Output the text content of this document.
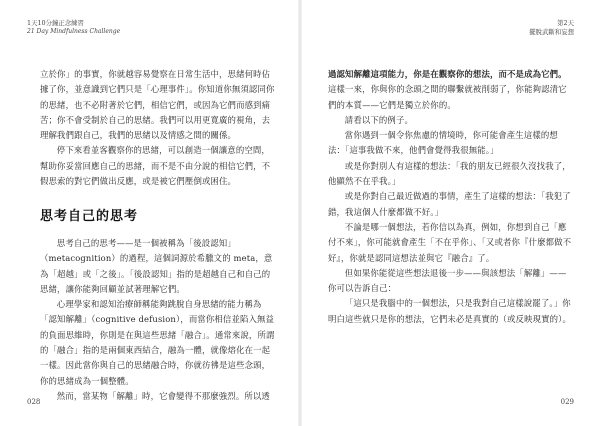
1天10分鐘正念練習
21 Day Mindfulness Challenge

立於你」的事實，你就越容易覺察在日常生活中，思緒何時佔據了你，並意識到它們只是「心理事件」。你知道你無須認同你的思緒，也不必附著於它們，相信它們，或因為它們而感到痛苦；你不會受制於自己的思緒。我們可以用更寬廣的視角，去理解我們跟自己，我們的思緒以及情感之間的關係。

停下來看並客觀察你的思緒，可以創造一個讓意的空間，幫助你妥當回應自己的思緒，而不是不由分說的相信它們，不假思索的對它們做出反應，或是被它們壓倒或困住。

思考自己的思考

思考自己的思考——是一個被稱為「後設認知」（metacognition）的過程，這個詞源於希臘文的 meta，意為「超越」或「之後」。「後設認知」指的是超越自己和自己的思緒，讓你能夠回顧並試著理解它們。

心理學家和認知治療師稱能夠跳脫自身思緒的能力稱為「認知解離」（cognitive defusion），而當你相信並陷入無益的負面思維時，你則是在與這些思緒「融合」。通常來說，所謂的「融合」指的是兩個東西結合，融為一體，就像熔化在一起一樣。因此當你與自己的思緒融合時，你就彷彿是這些念頭，你的思緒成為一個整體。

然而，當某物「解離」時，它會變得不那麼強烈。所以透

028
第2天
擺脫武斷和妄想

過認知解離這項能力，你是在觀察你的想法，而不是成為它們。這樣一來，你與你的念頭之間的聯繫就被削弱了，你能夠認清它們的本質——它們是獨立於你的。

請看以下的例子。

當你遇到一個令你焦慮的情境時，你可能會產生這樣的想法：「這事我做不來，他們會覺得我很無能。」

或是你對別人有這樣的想法：「我的朋友已經很久沒找我了，他顯然不在乎我。」

或是你對自己最近做過的事情，產生了這樣的想法：「我犯了錯，我這個人什麼都做不好。」

不論是哪一個想法，若你信以為真，例如，你想到自己「應付不來」，你可能就會產生「不在乎你」、「又或者你『什麼都做不好』，你就是認同這想法並與它『融合』了。

但如果你能從這些想法退後一步——與該想法「解離」——你可以告訴自己：

「這只是我腦中的一個想法，只是我對自己這樣說罷了。」你明白這些就只是你的想法，它們未必是真實的（或反映現實的）。

029
